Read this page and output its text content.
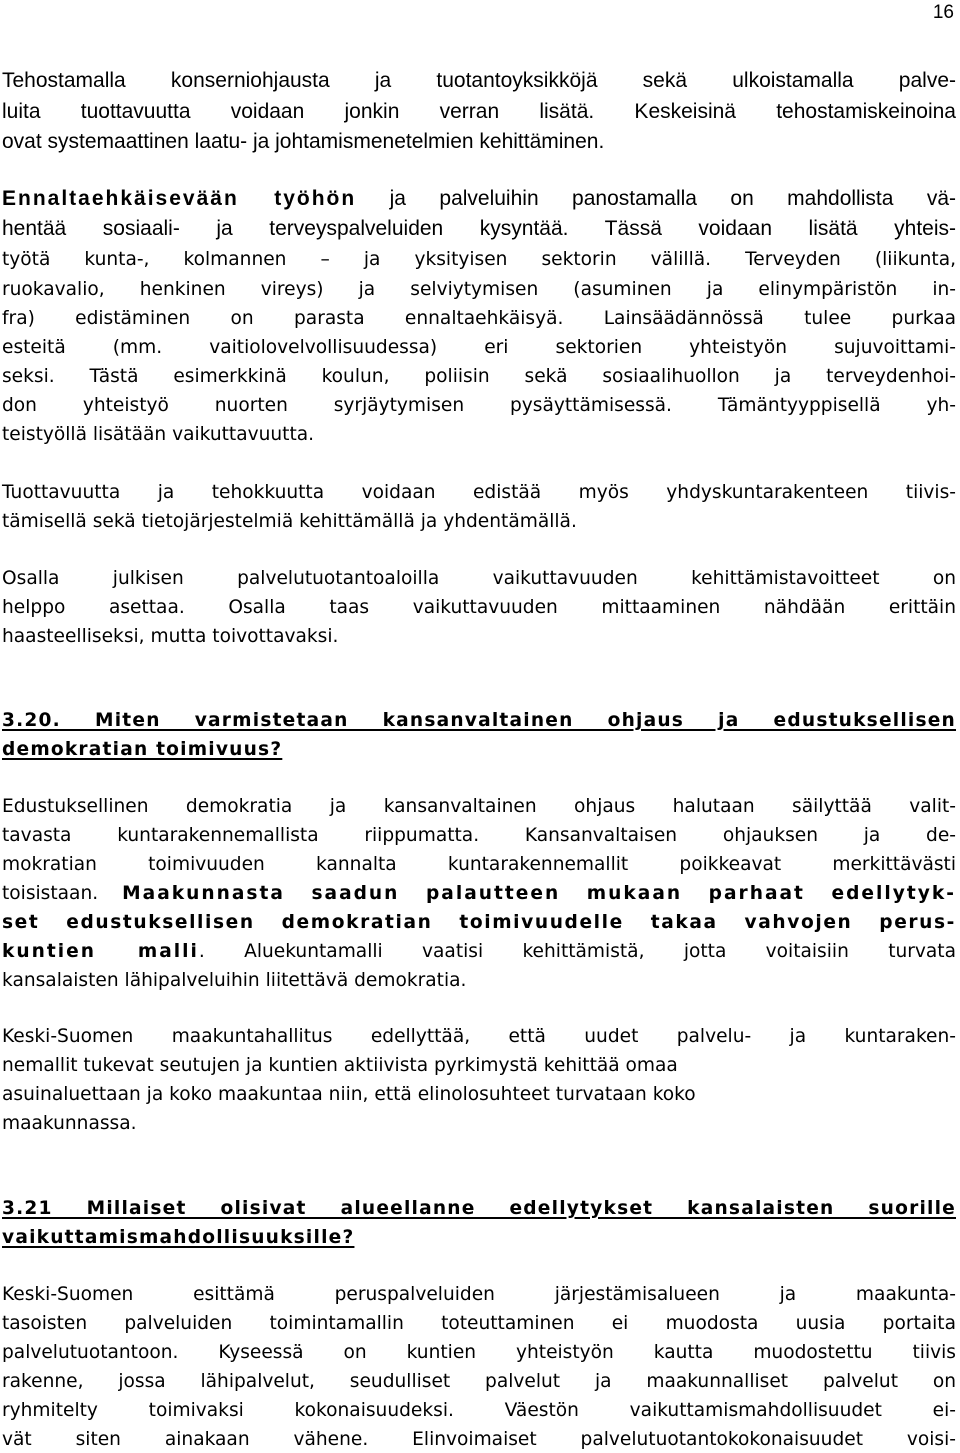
16
Tehostamalla konserniohjausta ja tuotantoyksikköjä sekä ulkoistamalla palve-
luita tuottavuutta voidaan jonkin verran lisätä. Keskeisinä tehostamiskeinoina
ovat systemaattinen laatu- ja johtamismenetelmien kehittäminen.
Ennaltaehkäisevään työhön ja palveluihin panostamalla on mahdollista vä-
hentää sosiaali- ja terveyspalveluiden kysyntää. Tässä voidaan lisätä yhteis-
työtä kunta-, kolmannen – ja yksityisen sektorin välillä. Terveyden (liikunta,
ruokavalio, henkinen vireys) ja selviytymisen (asuminen ja elinympäristön in-
fra) edistäminen on parasta ennaltaehkäisyä. Lainsäädännössä tulee purkaa
esteitä (mm. vaitiolovelvollisuudessa) eri sektorien yhteistyön sujuvoittami-
seksi. Tästä esimerkkinä koulun, poliisin sekä sosiaalihuollon ja terveydenhoi-
don yhteistyö nuorten syrjäytymisen pysäyttämisessä. Tämäntyyppisellä yh-
teistyöllä lisätään vaikuttavuutta.
Tuottavuutta ja tehokkuutta voidaan edistää myös yhdyskuntarakenteen tiivis-
tämisellä sekä tietojärjestelmiä kehittämällä ja yhdentämällä.
Osalla julkisen palvelutuotantoaloilla vaikuttavuuden kehittämistavoitteet on
helppo asettaa. Osalla taas vaikuttavuuden mittaaminen nähdään erittäin
haasteelliseksi, mutta toivottavaksi.
3.20. Miten varmistetaan kansanvaltainen ohjaus ja edustuksellisen
demokratian toimivuus?
Edustuksellinen demokratia ja kansanvaltainen ohjaus halutaan säilyttää valit-
tavasta kuntarakennemallista riippumatta. Kansanvaltaisen ohjauksen ja de-
mokratian toimivuuden kannalta kuntarakennemallit poikkeavat merkittävästi
toisistaan. Maakunnasta saadun palautteen mukaan parhaat edellytyk-
set edustuksellisen demokratian toimivuudelle takaa vahvojen perus-
kuntien malli. Aluekuntamalli vaatisi kehittämistä, jotta voitaisiin turvata
kansalaisten lähipalveluihin liitettävä demokratia.
Keski-Suomen maakuntahallitus edellyttää, että uudet palvelu- ja kuntaraken-
nemallit tukevat seutujen ja kuntien aktiivista pyrkimystä kehittää omaa
asuinaluettaan ja koko maakuntaa niin, että elinolosuhteet turvataan koko
maakunnassa.
3.21 Millaiset olisivat alueellanne edellytykset kansalaisten suorille
vaikuttamismahdollisuuksille?
Keski-Suomen esittämä peruspalveluiden järjestämisalueen ja maakunta-
tasoisten palveluiden toimintamallin toteuttaminen ei muodosta uusia portaita
palvelutuotantoon. Kyseessä on kuntien yhteistyön kautta muodostettu tiivis
rakenne, jossa lähipalvelut, seudulliset palvelut ja maakunnalliset palvelut on
ryhmitelty toimivaksi kokonaisuudeksi. Väestön vaikuttamismahdollisuudet ei-
vät siten ainakaan vähene. Elinvoimaiset palvelutuotantokokonaisuudet voisi-
